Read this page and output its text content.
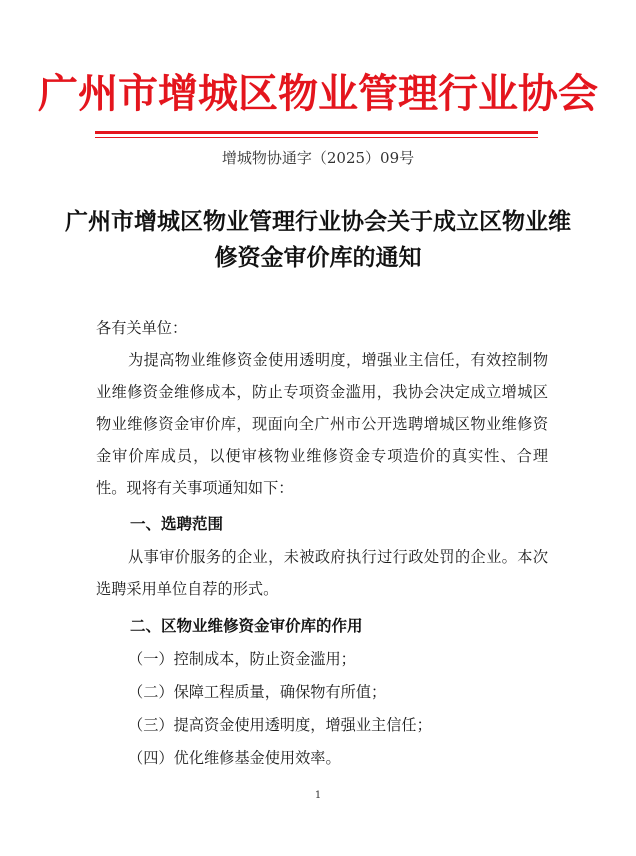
广州市增城区物业管理行业协会
增城物协通字（2025）09号
广州市增城区物业管理行业协会关于成立区物业维修资金审价库的通知

各有关单位：

为提高物业维修资金使用透明度，增强业主信任，有效控制物业维修资金维修成本，防止专项资金滥用，我协会决定成立增城区物业维修资金审价库，现面向全广州市公开选聘增城区物业维修资金审价库成员，以便审核物业维修资金专项造价的真实性、合理性。现将有关事项通知如下：

一、选聘范围

从事审价服务的企业，未被政府执行过行政处罚的企业。本次选聘采用单位自荐的形式。

二、区物业维修资金审价库的作用
（一）控制成本，防止资金滥用；
（二）保障工程质量，确保物有所值；
（三）提高资金使用透明度，增强业主信任；
（四）优化维修基金使用效率。
1
